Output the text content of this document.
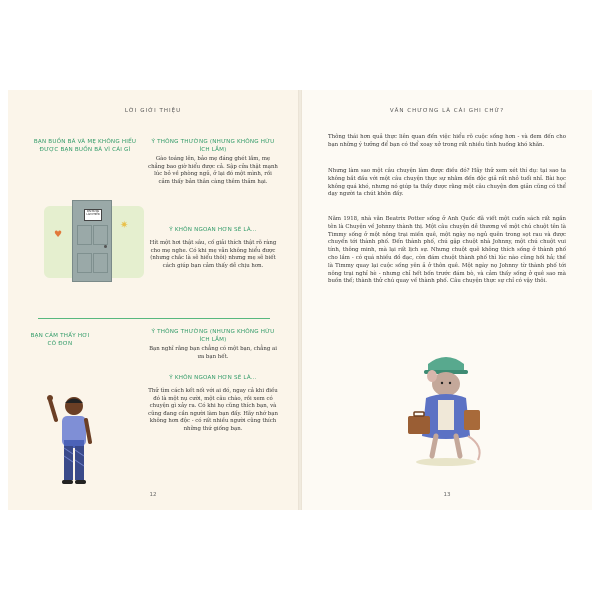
LỜI GIỚI THIỆU
BẠN BUỒN BÃ VÀ MẸ KHÔNG HIỂU ĐƯỢC BẠN BUỒN BÃ VÌ CÁI GÌ
Ý THÔNG THƯỜNG (NHƯNG KHÔNG HỮU ÍCH LẮM)
Gào toáng lên, bảo mẹ đáng ghét lắm, mẹ chẳng bao giờ hiểu được cả. Sập cửa thật mạnh lúc bỏ về phòng ngủ, ở lại đó một mình, rồi cảm thấy bản thân càng thêm thảm hại.
Ý KHÔN NGOAN HƠN SẼ LÀ...
Hít một hơi thật sâu, cố giải thích thật rõ ràng cho mẹ nghe. Có khi mẹ vẫn không hiểu được (nhưng chắc là sẽ hiểu thôi) nhưng mẹ sẽ biết cách giúp bạn cảm thấy dễ chịu hơn.
XIN ĐỪNG LÀM PHIỀN
♥
✷
BẠN CẢM THẤY HƠI CÔ ĐƠN
Ý THÔNG THƯỜNG (NHƯNG KHÔNG HỮU ÍCH LẮM)
Bạn nghĩ rằng bạn chẳng có một bạn, chẳng ai ưa bạn hết.
Ý KHÔN NGOAN HƠN SẼ LÀ...
Thử tìm cách kết nối với ai đó, ngay cả khi điều đó là một nụ cười, một câu chào, rồi xem có chuyện gì xảy ra. Có khi họ cũng thích bạn, và cũng đang cần người làm bạn đấy. Hãy nhớ bạn không hơn độc - có rất nhiều người cũng thích những thứ giống bạn.
12
VĂN CHƯƠNG LÀ CÁI GHI CHỨ?
Thông thái hơn quả thực liên quan đến việc hiểu rõ cuộc sống hơn - và đem đến cho bạn những ý tưởng để bạn có thể xoay xở trong rất nhiều tình huống khó khăn.
Nhưng làm sao một câu chuyện làm được điều đó? Hãy thử xem xét thí dụ: tại sao ta không bắt đầu với một câu chuyện thực sự nhằm đến độc giả rất nhỏ tuổi nhỉ. Bài học không quá khó, nhưng nó giúp ta thấy được rằng một câu chuyện đơn giản cũng có thể dạy người ta chút khôn đấy.
Năm 1918, nhà văn Beatrix Potter sống ở Anh Quốc đã viết một cuốn sách rất ngắn tên là Chuyện về Johnny thành thị. Một câu chuyện dễ thương về một chú chuột tên là Timmy sống ở một nông trại miền quê, một ngày nọ ngủ quên trong sọt rau và được chuyển tới thành phố. Đến thành phố, chú gặp chuột nhà Johnny, một chú chuột vui tính, thông minh, mà lại rất lịch sự. Nhưng chuột quê không thích sống ở thành phố cho lắm - có quá nhiều đồ đạc, còn đám chuột thành phố thì lúc nào cũng hối hả; thế là Timmy quay lại cuộc sống yên ả ở thôn quê. Một ngày nọ Johnny từ thành phố tới nông trại nghỉ hè - nhưng chỉ hết bốn trước đám bò, và cảm thấy sống ở quê sao mà buồn thế; thành thử chú quay về thành phố. Câu chuyện thực sự chỉ có vậy thôi.
13
